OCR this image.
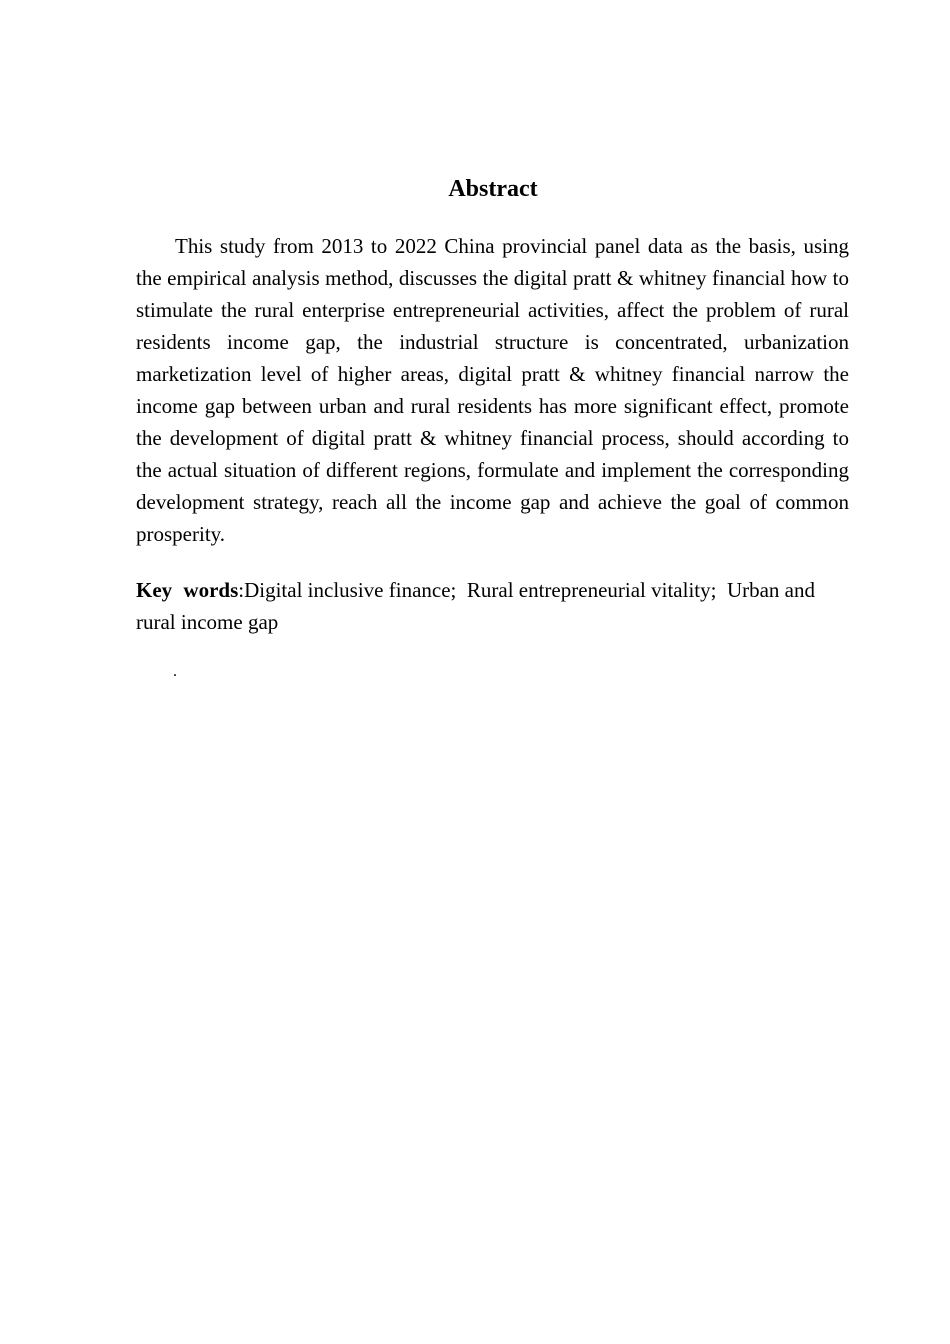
Abstract

This study from 2013 to 2022 China provincial panel data as the basis, using the empirical analysis method, discusses the digital pratt & whitney financial how to stimulate the rural enterprise entrepreneurial activities, affect the problem of rural residents income gap, the industrial structure is concentrated, urbanization marketization level of higher areas, digital pratt & whitney financial narrow the income gap between urban and rural residents has more significant effect, promote the development of digital pratt & whitney financial process, should according to the actual situation of different regions, formulate and implement the corresponding development strategy, reach all the income gap and achieve the goal of common prosperity.

Key words:Digital inclusive finance; Rural entrepreneurial vitality; Urban and rural income gap

.
